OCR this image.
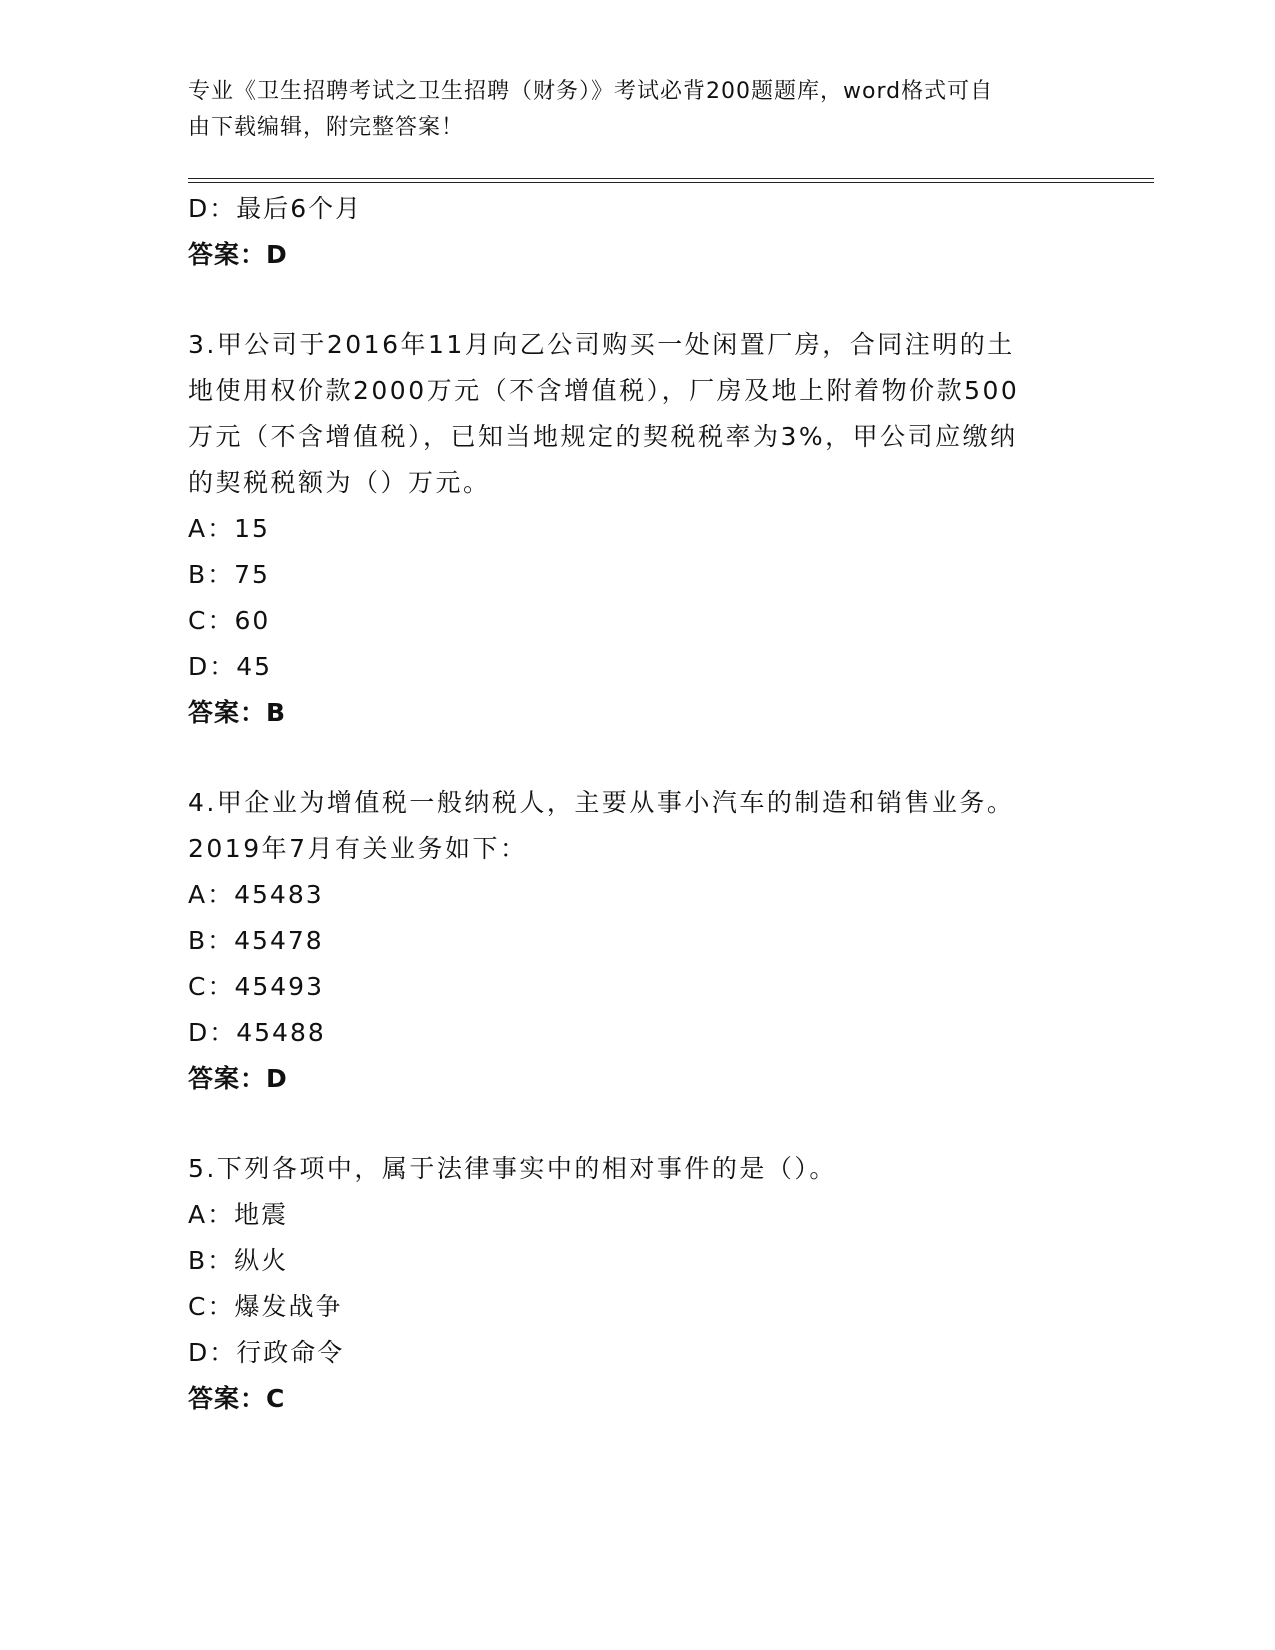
专业《卫生招聘考试之卫生招聘（财务）》考试必背200题题库，word格式可自
由下载编辑，附完整答案！
D：最后6个月
答案：D
3.甲公司于2016年11月向乙公司购买一处闲置厂房，合同注明的土
地使用权价款2000万元（不含增值税），厂房及地上附着物价款500
万元（不含增值税），已知当地规定的契税税率为3%，甲公司应缴纳
的契税税额为（）万元。
A：15
B：75
C：60
D：45
答案：B
4.甲企业为增值税一般纳税人，主要从事小汽车的制造和销售业务。
2019年7月有关业务如下：
A：45483
B：45478
C：45493
D：45488
答案：D
5.下列各项中，属于法律事实中的相对事件的是（）。
A：地震
B：纵火
C：爆发战争
D：行政命令
答案：C
